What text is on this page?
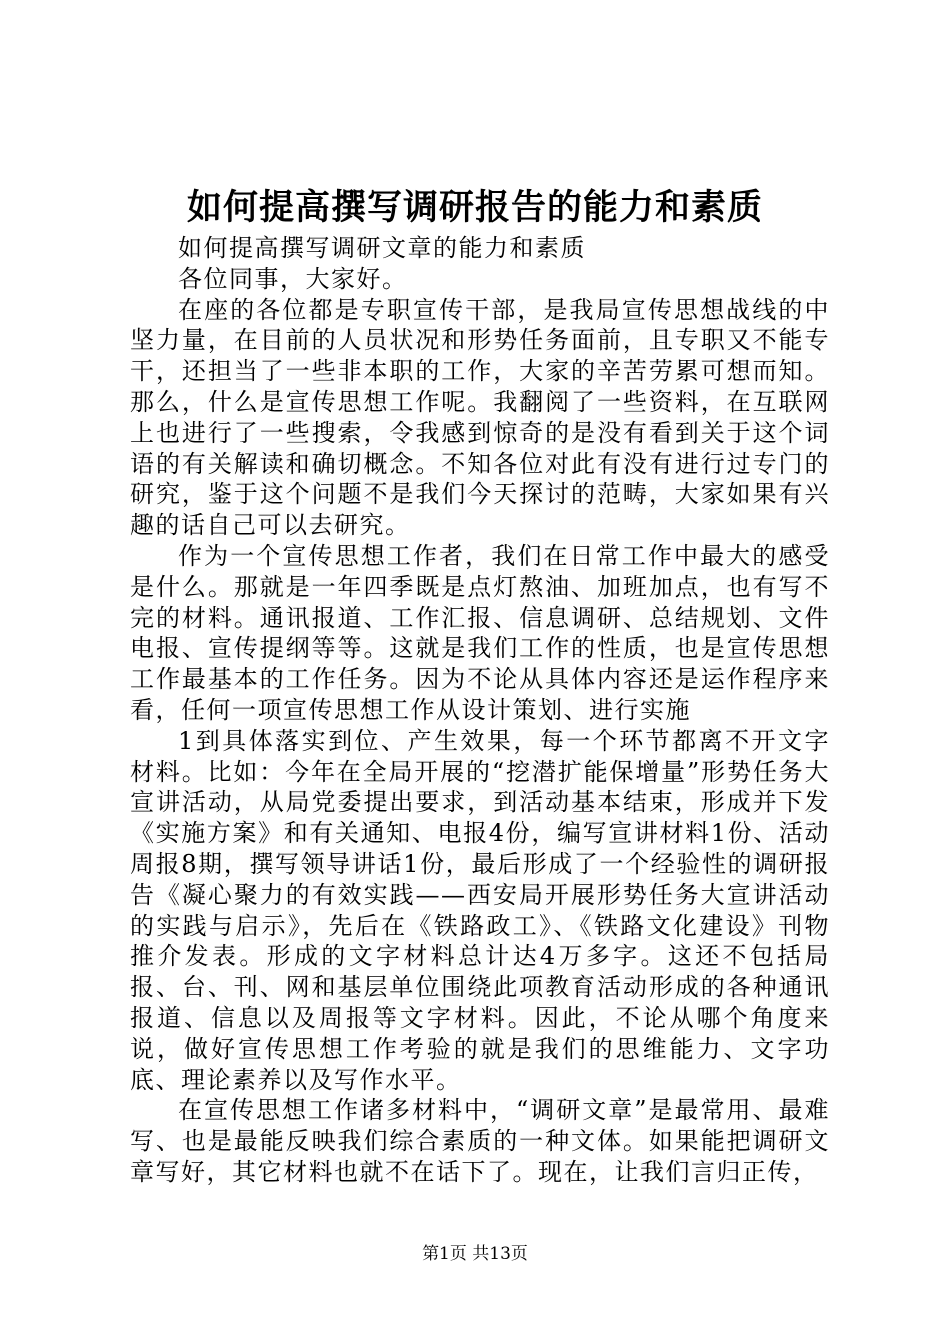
如何提高撰写调研报告的能力和素质

如何提高撰写调研文章的能力和素质

各位同事，大家好。

在座的各位都是专职宣传干部，是我局宣传思想战线的中坚力量，在目前的人员状况和形势任务面前，且专职又不能专干，还担当了一些非本职的工作，大家的辛苦劳累可想而知。那么，什么是宣传思想工作呢。我翻阅了一些资料，在互联网上也进行了一些搜索，令我感到惊奇的是没有看到关于这个词语的有关解读和确切概念。不知各位对此有没有进行过专门的研究，鉴于这个问题不是我们今天探讨的范畴，大家如果有兴趣的话自己可以去研究。

作为一个宣传思想工作者，我们在日常工作中最大的感受是什么。那就是一年四季既是点灯熬油、加班加点，也有写不完的材料。通讯报道、工作汇报、信息调研、总结规划、文件电报、宣传提纲等等。这就是我们工作的性质，也是宣传思想工作最基本的工作任务。因为不论从具体内容还是运作程序来看，任何一项宣传思想工作从设计策划、进行实施

1到具体落实到位、产生效果，每一个环节都离不开文字材料。比如：今年在全局开展的“挖潜扩能保增量”形势任务大宣讲活动，从局党委提出要求，到活动基本结束，形成并下发《实施方案》和有关通知、电报4份，编写宣讲材料1份、活动周报8期，撰写领导讲话1份，最后形成了一个经验性的调研报告《凝心聚力的有效实践——西安局开展形势任务大宣讲活动的实践与启示》，先后在《铁路政工》、《铁路文化建设》刊物推介发表。形成的文字材料总计达4万多字。这还不包括局报、台、刊、网和基层单位围绕此项教育活动形成的各种通讯报道、信息以及周报等文字材料。因此，不论从哪个角度来说，做好宣传思想工作考验的就是我们的思维能力、文字功底、理论素养以及写作水平。

在宣传思想工作诸多材料中，“调研文章”是最常用、最难写、也是最能反映我们综合素质的一种文体。如果能把调研文章写好，其它材料也就不在话下了。现在，让我们言归正传，

第1页 共13页
